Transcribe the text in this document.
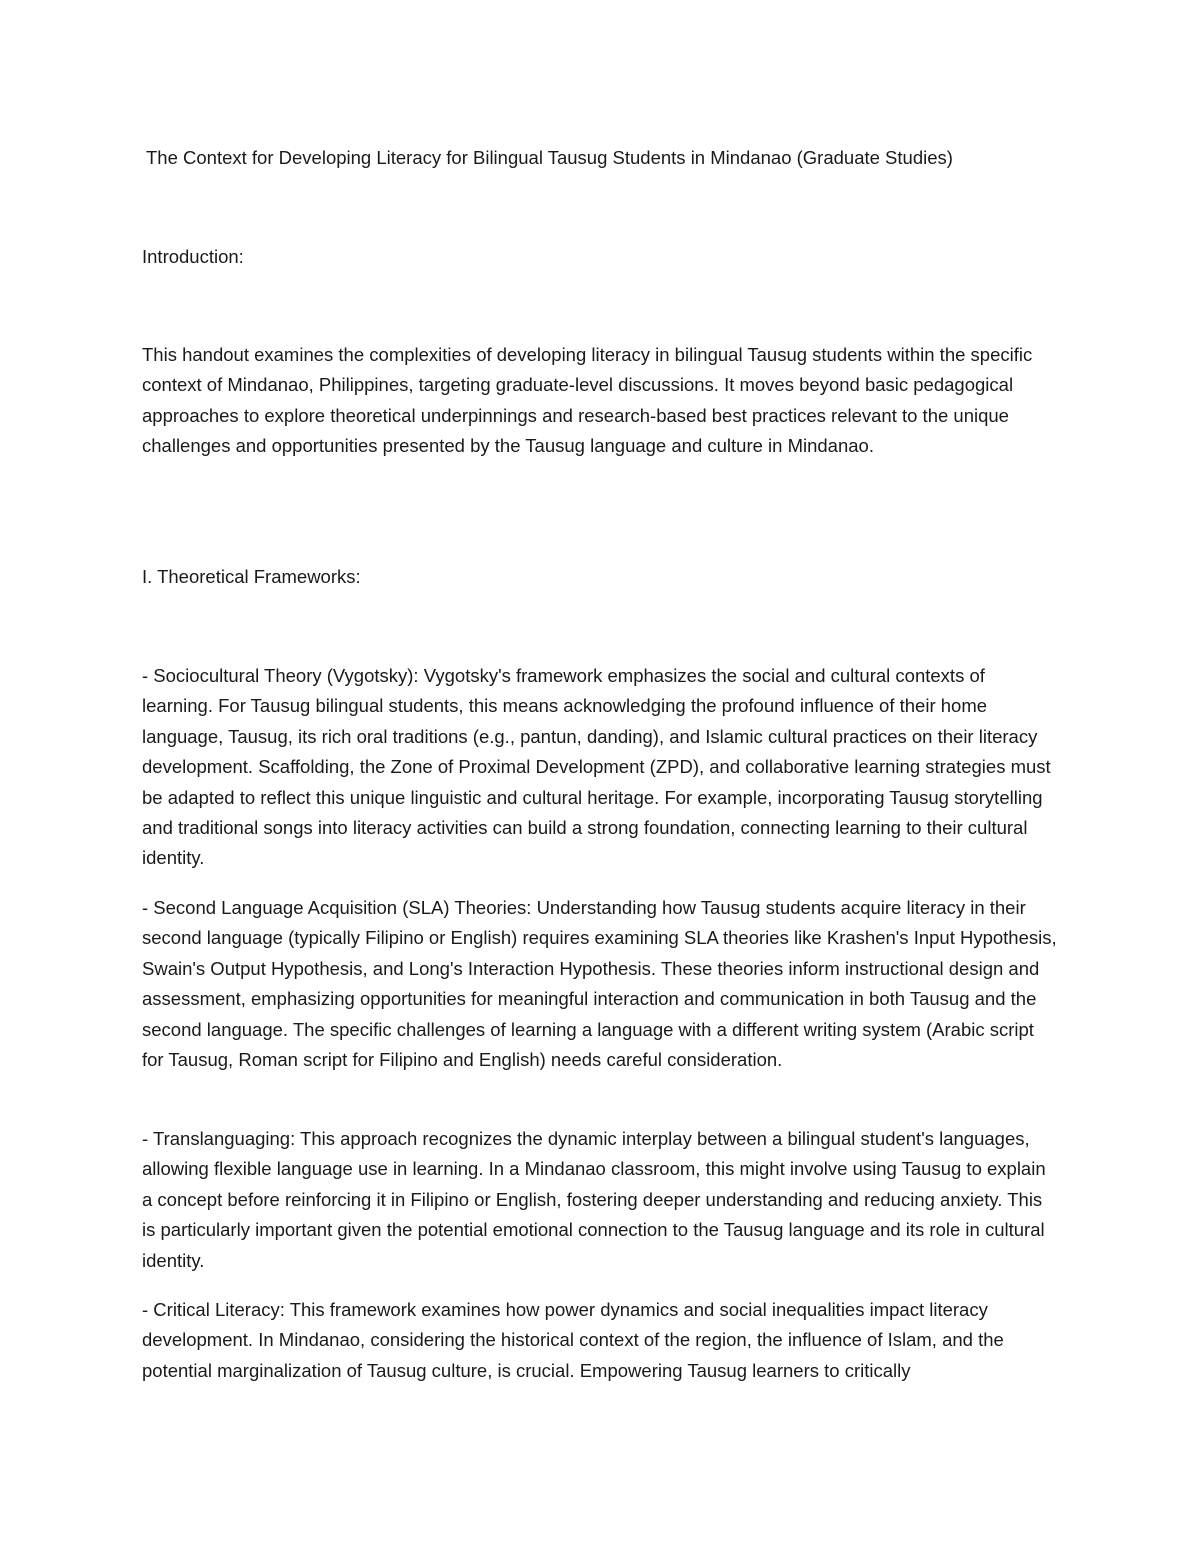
The Context for Developing Literacy for Bilingual Tausug Students in Mindanao (Graduate Studies)
Introduction:

This handout examines the complexities of developing literacy in bilingual Tausug students within the specific context of Mindanao, Philippines, targeting graduate-level discussions. It moves beyond basic pedagogical approaches to explore theoretical underpinnings and research-based best practices relevant to the unique challenges and opportunities presented by the Tausug language and culture in Mindanao.

I. Theoretical Frameworks:

- Sociocultural Theory (Vygotsky): Vygotsky's framework emphasizes the social and cultural contexts of learning. For Tausug bilingual students, this means acknowledging the profound influence of their home language, Tausug, its rich oral traditions (e.g., pantun, danding), and Islamic cultural practices on their literacy development. Scaffolding, the Zone of Proximal Development (ZPD), and collaborative learning strategies must be adapted to reflect this unique linguistic and cultural heritage. For example, incorporating Tausug storytelling and traditional songs into literacy activities can build a strong foundation, connecting learning to their cultural identity.

- Second Language Acquisition (SLA) Theories: Understanding how Tausug students acquire literacy in their second language (typically Filipino or English) requires examining SLA theories like Krashen's Input Hypothesis, Swain's Output Hypothesis, and Long's Interaction Hypothesis. These theories inform instructional design and assessment, emphasizing opportunities for meaningful interaction and communication in both Tausug and the second language. The specific challenges of learning a language with a different writing system (Arabic script for Tausug, Roman script for Filipino and English) needs careful consideration.

- Translanguaging: This approach recognizes the dynamic interplay between a bilingual student's languages, allowing flexible language use in learning. In a Mindanao classroom, this might involve using Tausug to explain a concept before reinforcing it in Filipino or English, fostering deeper understanding and reducing anxiety. This is particularly important given the potential emotional connection to the Tausug language and its role in cultural identity.

- Critical Literacy: This framework examines how power dynamics and social inequalities impact literacy development. In Mindanao, considering the historical context of the region, the influence of Islam, and the potential marginalization of Tausug culture, is crucial. Empowering Tausug learners to critically
